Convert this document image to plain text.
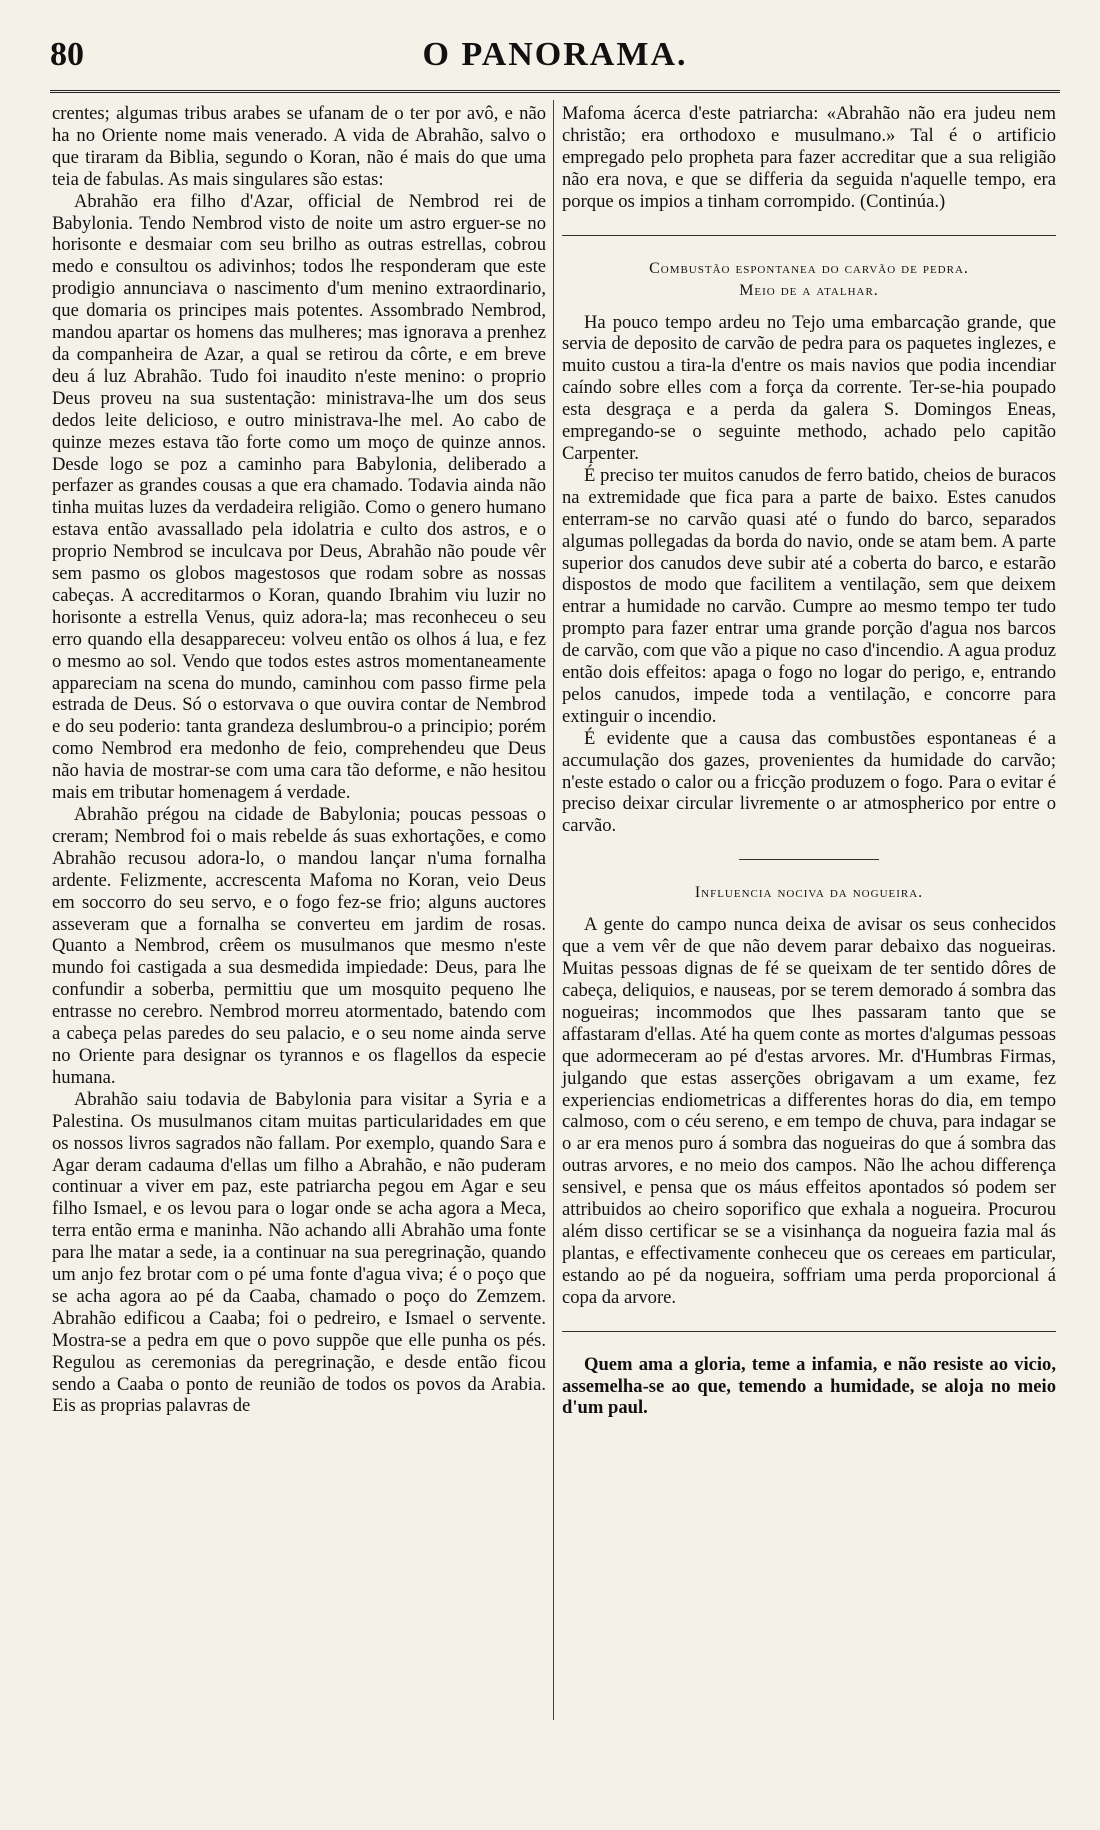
80	O PANORAMA.

crentes; algumas tribus arabes se ufanam de o ter por avô, e não ha no Oriente nome mais venerado. A vida de Abrahão, salvo o que tiraram da Biblia, segundo o Koran, não é mais do que uma teia de fabulas. As mais singulares são estas:

Abrahão era filho d'Azar, official de Nembrod rei de Babylonia. Tendo Nembrod visto de noite um astro erguer-se no horisonte e desmaiar com seu brilho as outras estrellas, cobrou medo e consultou os adivinhos; todos lhe responderam que este prodigio annunciava o nascimento d'um menino extraordinario, que domaria os principes mais potentes. Assombrado Nembrod, mandou apartar os homens das mulheres; mas ignorava a prenhez da companheira de Azar, a qual se retirou da côrte, e em breve deu á luz Abrahão. Tudo foi inaudito n'este menino: o proprio Deus proveu na sua sustentação: ministrava-lhe um dos seus dedos leite delicioso, e outro ministrava-lhe mel. Ao cabo de quinze mezes estava tão forte como um moço de quinze annos. Desde logo se poz a caminho para Babylonia, deliberado a perfazer as grandes cousas a que era chamado. Todavia ainda não tinha muitas luzes da verdadeira religião. Como o genero humano estava então avassallado pela idolatria e culto dos astros, e o proprio Nembrod se inculcava por Deus, Abrahão não poude vêr sem pasmo os globos magestosos que rodam sobre as nossas cabeças. A accreditarmos o Koran, quando Ibrahim viu luzir no horisonte a estrella Venus, quiz adora-la; mas reconheceu o seu erro quando ella desappareceu: volveu então os olhos á lua, e fez o mesmo ao sol. Vendo que todos estes astros momentaneamente appareciam na scena do mundo, caminhou com passo firme pela estrada de Deus. Só o estorvava o que ouvira contar de Nembrod e do seu poderio: tanta grandeza deslumbrou-o a principio; porém como Nembrod era medonho de feio, comprehendeu que Deus não havia de mostrar-se com uma cara tão deforme, e não hesitou mais em tributar homenagem á verdade.

Abrahão prégou na cidade de Babylonia; poucas pessoas o creram; Nembrod foi o mais rebelde ás suas exhortações, e como Abrahão recusou adora-lo, o mandou lançar n'uma fornalha ardente. Felizmente, accrescenta Mafoma no Koran, veio Deus em soccorro do seu servo, e o fogo fez-se frio; alguns auctores asseveram que a fornalha se converteu em jardim de rosas. Quanto a Nembrod, crêem os musulmanos que mesmo n'este mundo foi castigada a sua desmedida impiedade: Deus, para lhe confundir a soberba, permittiu que um mosquito pequeno lhe entrasse no cerebro. Nembrod morreu atormentado, batendo com a cabeça pelas paredes do seu palacio, e o seu nome ainda serve no Oriente para designar os tyrannos e os flagellos da especie humana.

Abrahão saiu todavia de Babylonia para visitar a Syria e a Palestina. Os musulmanos citam muitas particularidades em que os nossos livros sagrados não fallam. Por exemplo, quando Sara e Agar deram cadauma d'ellas um filho a Abrahão, e não puderam continuar a viver em paz, este patriarcha pegou em Agar e seu filho Ismael, e os levou para o logar onde se acha agora a Meca, terra então erma e maninha. Não achando alli Abrahão uma fonte para lhe matar a sede, ia a continuar na sua peregrinação, quando um anjo fez brotar com o pé uma fonte d'agua viva; é o poço que se acha agora ao pé da Caaba, chamado o poço do Zemzem. Abrahão edificou a Caaba; foi o pedreiro, e Ismael o servente. Mostra-se a pedra em que o povo suppõe que elle punha os pés. Regulou as ceremonias da peregrinação, e desde então ficou sendo a Caaba o ponto de reunião de todos os povos da Arabia. Eis as proprias palavras de

Mafoma ácerca d'este patriarcha: «Abrahão não era judeu nem christão; era orthodoxo e musulmano.» Tal é o artificio empregado pelo propheta para fazer accreditar que a sua religião não era nova, e que se differia da seguida n'aquelle tempo, era porque os impios a tinham corrompido. (Continúa.)

Combustão espontanea do carvão de pedra.
Meio de a atalhar.

Ha pouco tempo ardeu no Tejo uma embarcação grande, que servia de deposito de carvão de pedra para os paquetes inglezes, e muito custou a tira-la d'entre os mais navios que podia incendiar caíndo sobre elles com a força da corrente. Ter-se-hia poupado esta desgraça e a perda da galera S. Domingos Eneas, empregando-se o seguinte methodo, achado pelo capitão Carpenter.

É preciso ter muitos canudos de ferro batido, cheios de buracos na extremidade que fica para a parte de baixo. Estes canudos enterram-se no carvão quasi até o fundo do barco, separados algumas pollegadas da borda do navio, onde se atam bem. A parte superior dos canudos deve subir até a coberta do barco, e estarão dispostos de modo que facilitem a ventilação, sem que deixem entrar a humidade no carvão. Cumpre ao mesmo tempo ter tudo prompto para fazer entrar uma grande porção d'agua nos barcos de carvão, com que vão a pique no caso d'incendio. A agua produz então dois effeitos: apaga o fogo no logar do perigo, e, entrando pelos canudos, impede toda a ventilação, e concorre para extinguir o incendio.

É evidente que a causa das combustões espontaneas é a accumulação dos gazes, provenientes da humidade do carvão; n'este estado o calor ou a fricção produzem o fogo. Para o evitar é preciso deixar circular livremente o ar atmospherico por entre o carvão.

Influencia nociva da nogueira.

A gente do campo nunca deixa de avisar os seus conhecidos que a vem vêr de que não devem parar debaixo das nogueiras. Muitas pessoas dignas de fé se queixam de ter sentido dôres de cabeça, deliquios, e nauseas, por se terem demorado á sombra das nogueiras; incommodos que lhes passaram tanto que se affastaram d'ellas. Até ha quem conte as mortes d'algumas pessoas que adormeceram ao pé d'estas arvores. Mr. d'Humbras Firmas, julgando que estas asserções obrigavam a um exame, fez experiencias endiometricas a differentes horas do dia, em tempo calmoso, com o céu sereno, e em tempo de chuva, para indagar se o ar era menos puro á sombra das nogueiras do que á sombra das outras arvores, e no meio dos campos. Não lhe achou differença sensivel, e pensa que os máus effeitos apontados só podem ser attribuidos ao cheiro soporifico que exhala a nogueira. Procurou além disso certificar se se a visinhança da nogueira fazia mal ás plantas, e effectivamente conheceu que os cereaes em particular, estando ao pé da nogueira, soffriam uma perda proporcional á copa da arvore.

Quem ama a gloria, teme a infamia, e não resiste ao vicio, assemelha-se ao que, temendo a humidade, se aloja no meio d'um paul.
